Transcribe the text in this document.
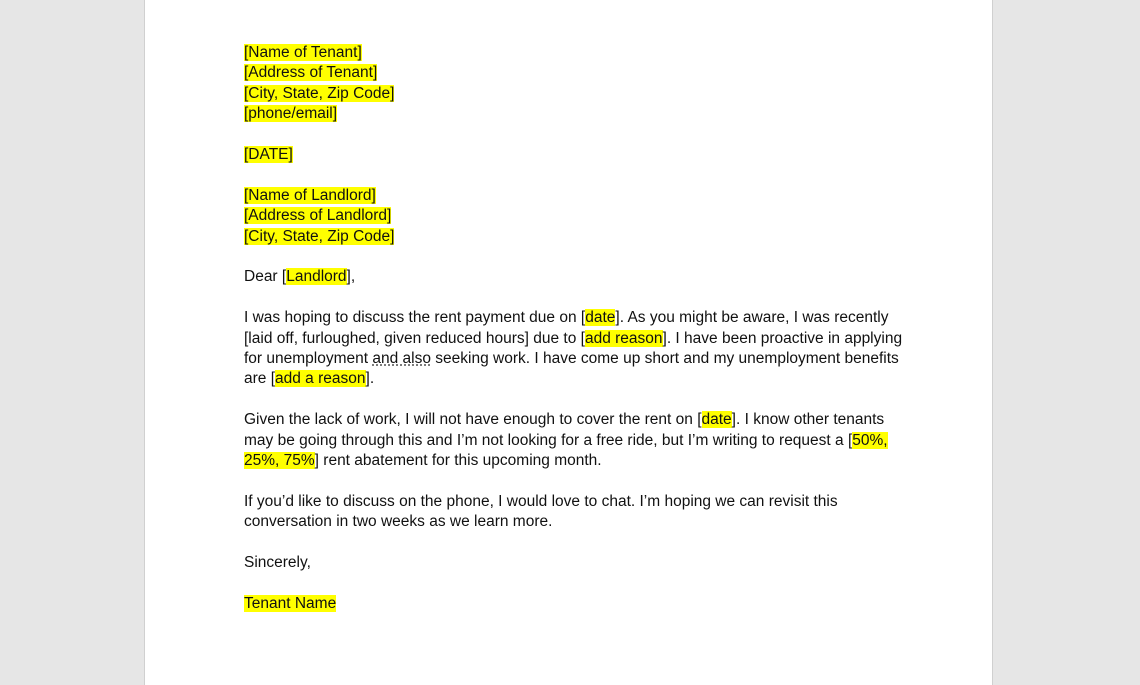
[Name of Tenant]

[Address of Tenant]

[City, State, Zip Code]

[phone/email]

[DATE]

[Name of Landlord]

[Address of Landlord]

[City, State, Zip Code]

Dear [Landlord],

I was hoping to discuss the rent payment due on [date]. As you might be aware, I was recently [laid off, furloughed, given reduced hours] due to [add reason]. I have been proactive in applying for unemployment and also seeking work. I have come up short and my unemployment benefits are [add a reason].

Given the lack of work, I will not have enough to cover the rent on [date]. I know other tenants may be going through this and I’m not looking for a free ride, but I’m writing to request a [50%, 25%, 75%] rent abatement for this upcoming month.

If you’d like to discuss on the phone, I would love to chat. I’m hoping we can revisit this conversation in two weeks as we learn more.

Sincerely,

Tenant Name
